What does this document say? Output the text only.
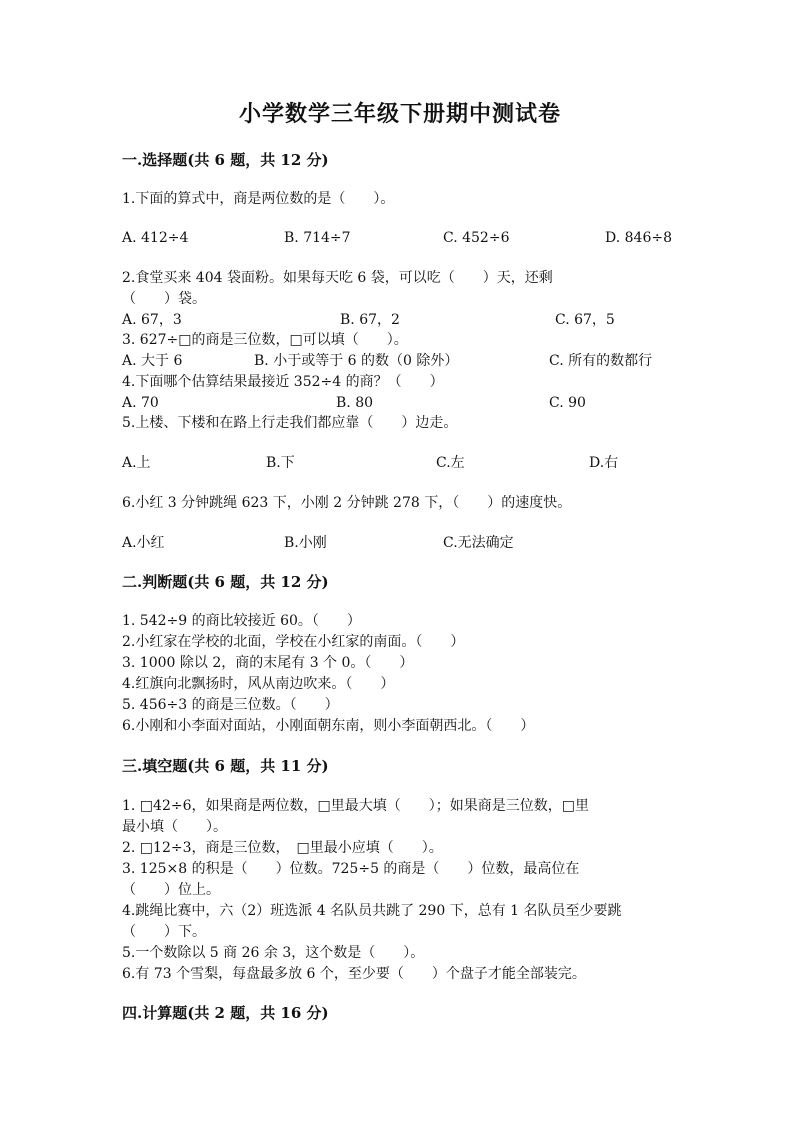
小学数学三年级下册期中测试卷
一.选择题(共 6 题，共 12 分)
1.下面的算式中，商是两位数的是（　　）。
A. 412÷4	B. 714÷7	C. 452÷6	D. 846÷8
2.食堂买来 404 袋面粉。如果每天吃 6 袋，可以吃（　　）天，还剩
（　　）袋。
A. 67，3	B. 67，2	C. 67，5
3. 627÷□的商是三位数，□可以填（　　）。
A. 大于 6	B. 小于或等于 6 的数（0 除外）	C. 所有的数都行
4.下面哪个估算结果最接近 352÷4 的商？（　　）
A. 70	B. 80	C. 90
5.上楼、下楼和在路上行走我们都应靠（　　）边走。
A.上	B.下	C.左	D.右
6.小红 3 分钟跳绳 623 下，小刚 2 分钟跳 278 下，（　　）的速度快。
A.小红	B.小刚	C.无法确定
二.判断题(共 6 题，共 12 分)
1. 542÷9 的商比较接近 60。（　　）
2.小红家在学校的北面，学校在小红家的南面。（　　）
3. 1000 除以 2，商的末尾有 3 个 0。（　　）
4.红旗向北飘扬时，风从南边吹来。（　　）
5. 456÷3 的商是三位数。（　　）
6.小刚和小李面对面站，小刚面朝东南，则小李面朝西北。（　　）
三.填空题(共 6 题，共 11 分)
1. □42÷6，如果商是两位数，□里最大填（　　）；如果商是三位数，□里
最小填（　　）。
2. □12÷3，商是三位数，　□里最小应填（　　）。
3. 125×8 的积是（　　）位数。725÷5 的商是（　　）位数，最高位在
（　　）位上。
4.跳绳比赛中，六（2）班选派 4 名队员共跳了 290 下，总有 1 名队员至少要跳
（　　）下。
5.一个数除以 5 商 26 余 3，这个数是（　　）。
6.有 73 个雪梨，每盘最多放 6 个，至少要（　　）个盘子才能全部装完。
四.计算题(共 2 题，共 16 分)
